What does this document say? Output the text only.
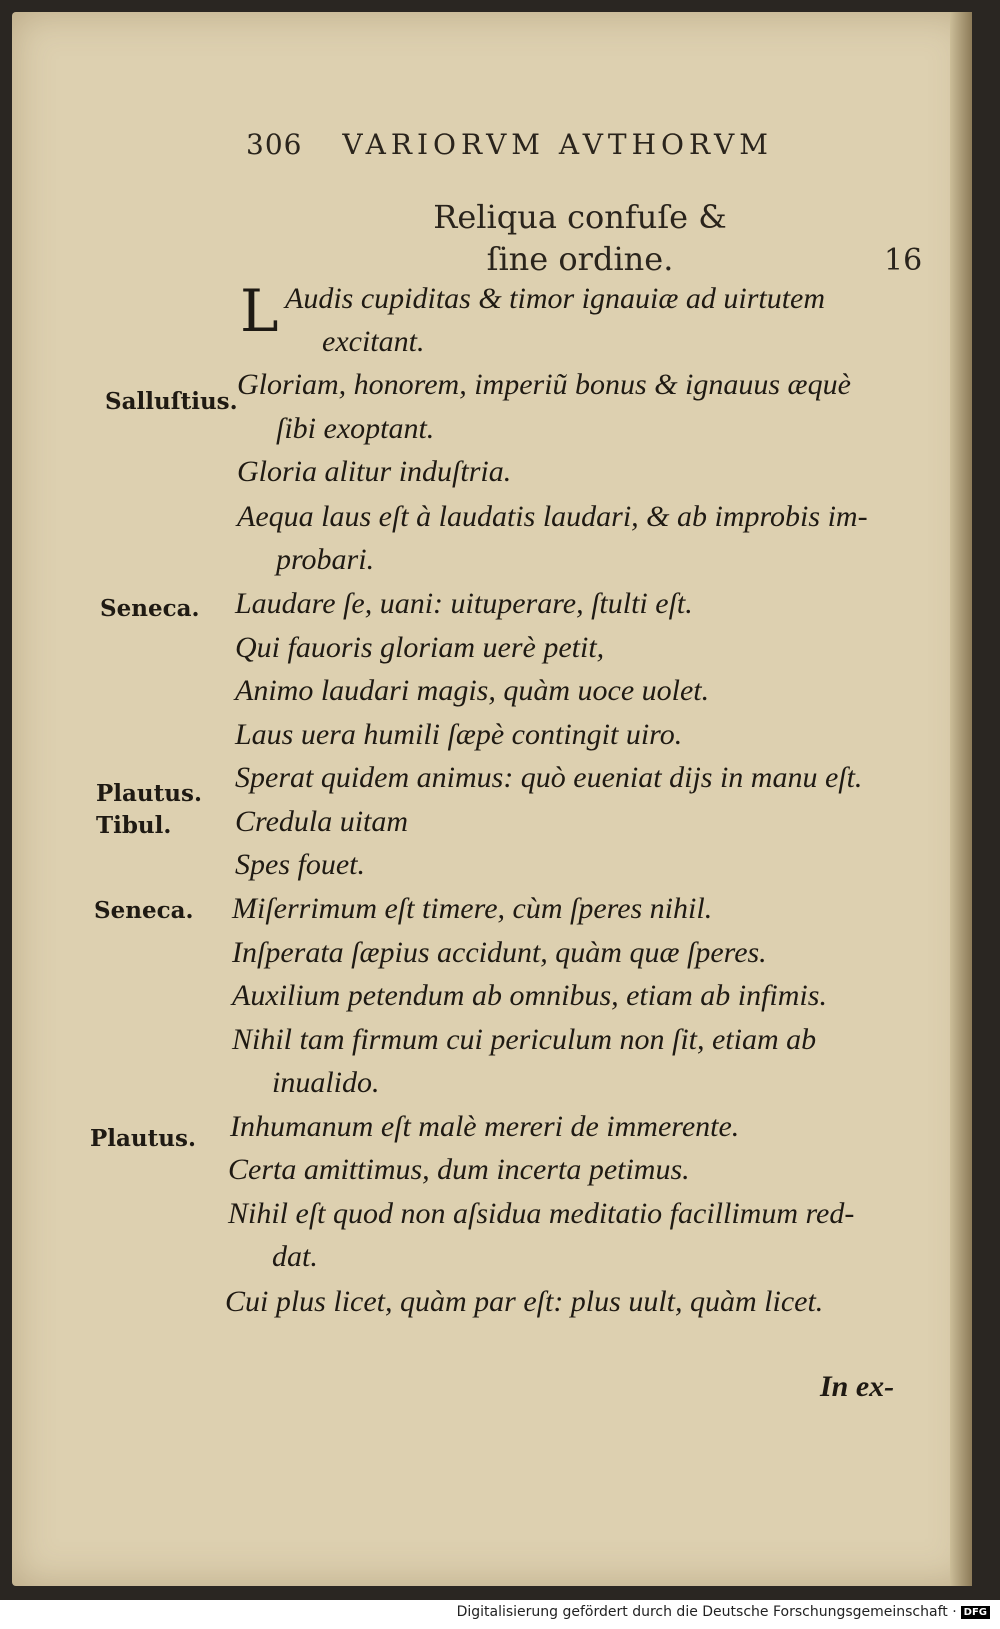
306 VARIORVM AVTHORVM
Reliqua confuſe &
ſine ordine.	16
L Audis cupiditas & timor ignauiæ ad uirtutem
excitant.
Gloriam, honorem, imperiũ bonus & ignauus æquè
ſibi exoptant.
Gloria alitur induſtria.
Aequa laus eſt à laudatis laudari, & ab improbis im-
probari.
Laudare ſe, uani: uituperare, ſtulti eſt.
Qui fauoris gloriam uerè petit,
Animo laudari magis, quàm uoce uolet.
Laus uera humili ſæpè contingit uiro.
Sperat quidem animus: quò eueniat dijs in manu eſt.
Credula uitam
Spes fouet.
Miſerrimum eſt timere, cùm ſperes nihil.
Inſperata ſæpius accidunt, quàm quæ ſperes.
Auxilium petendum ab omnibus, etiam ab infimis.
Nihil tam firmum cui periculum non ſit, etiam ab
inualido.
Inhumanum eſt malè mereri de immerente.
Certa amittimus, dum incerta petimus.
Nihil eſt quod non aſsidua meditatio facillimum red-
dat.
Cui plus licet, quàm par eſt: plus uult, quàm licet.
Salluſtius.
Seneca.
Plautus.
Tibul.
Seneca.
Plautus.
In ex-
Digitalisierung gefördert durch die Deutsche Forschungsgemeinschaft · DFG
